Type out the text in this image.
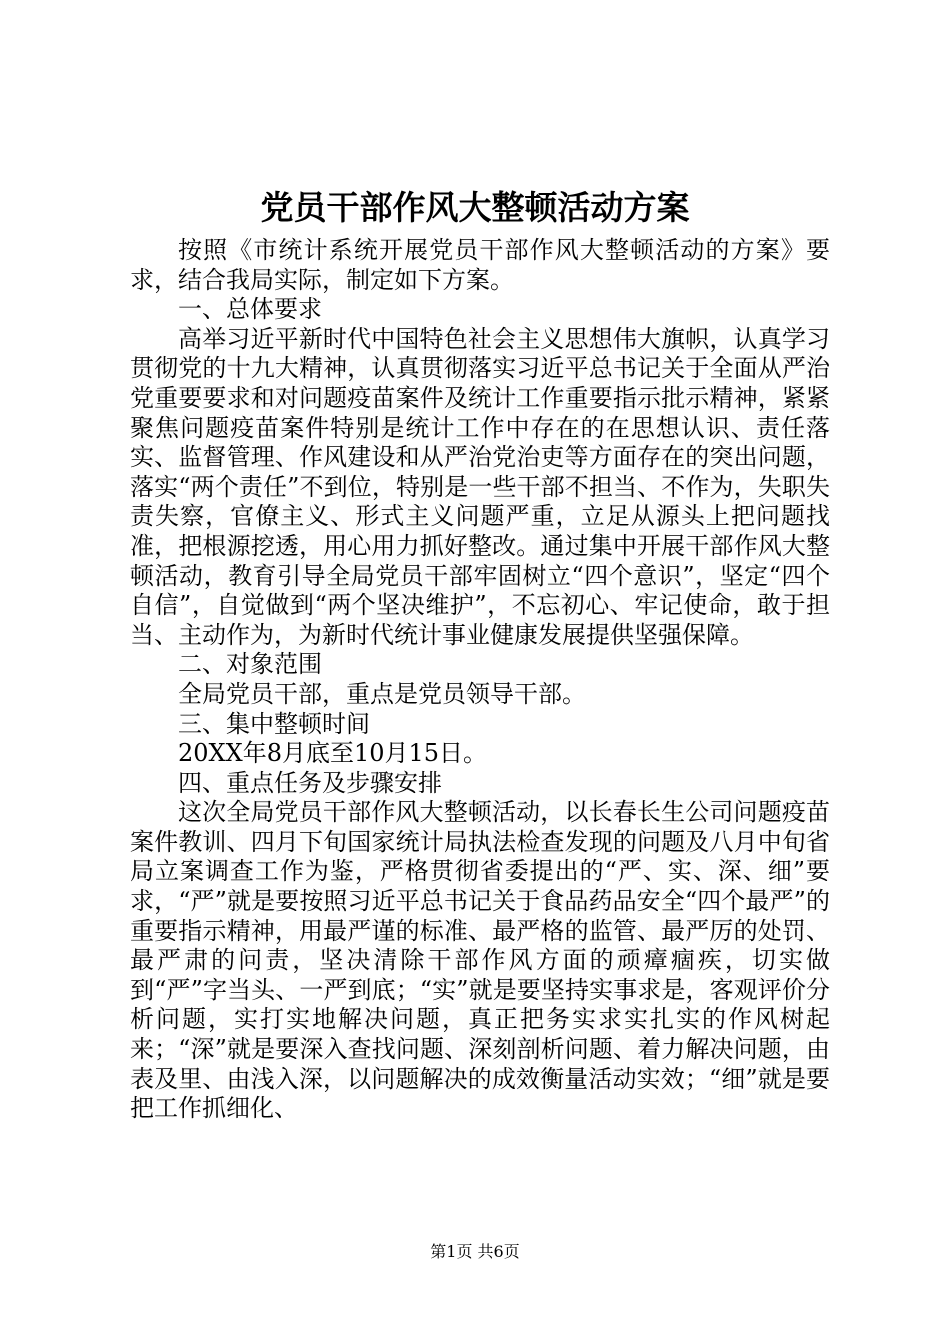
党员干部作风大整顿活动方案

按照《市统计系统开展党员干部作风大整顿活动的方案》要求，结合我局实际，制定如下方案。

一、总体要求

高举习近平新时代中国特色社会主义思想伟大旗帜，认真学习贯彻党的十九大精神，认真贯彻落实习近平总书记关于全面从严治党重要要求和对问题疫苗案件及统计工作重要指示批示精神，紧紧聚焦问题疫苗案件特别是统计工作中存在的在思想认识、责任落实、监督管理、作风建设和从严治党治吏等方面存在的突出问题，落实“两个责任”不到位，特别是一些干部不担当、不作为，失职失责失察，官僚主义、形式主义问题严重，立足从源头上把问题找准，把根源挖透，用心用力抓好整改。通过集中开展干部作风大整顿活动，教育引导全局党员干部牢固树立“四个意识”，坚定“四个自信”，自觉做到“两个坚决维护”，不忘初心、牢记使命，敢于担当、主动作为，为新时代统计事业健康发展提供坚强保障。

二、对象范围

全局党员干部，重点是党员领导干部。

三、集中整顿时间

20XX年8月底至10月15日。

四、重点任务及步骤安排

这次全局党员干部作风大整顿活动，以长春长生公司问题疫苗案件教训、四月下旬国家统计局执法检查发现的问题及八月中旬省局立案调查工作为鉴，严格贯彻省委提出的“严、实、深、细”要求，“严”就是要按照习近平总书记关于食品药品安全“四个最严”的重要指示精神，用最严谨的标准、最严格的监管、最严厉的处罚、最严肃的问责，坚决清除干部作风方面的顽瘴痼疾，切实做到“严”字当头、一严到底；“实”就是要坚持实事求是，客观评价分析问题，实打实地解决问题，真正把务实求实扎实的作风树起来；“深”就是要深入查找问题、深刻剖析问题、着力解决问题，由表及里、由浅入深，以问题解决的成效衡量活动实效；“细”就是要把工作抓细化、

第1页 共6页
